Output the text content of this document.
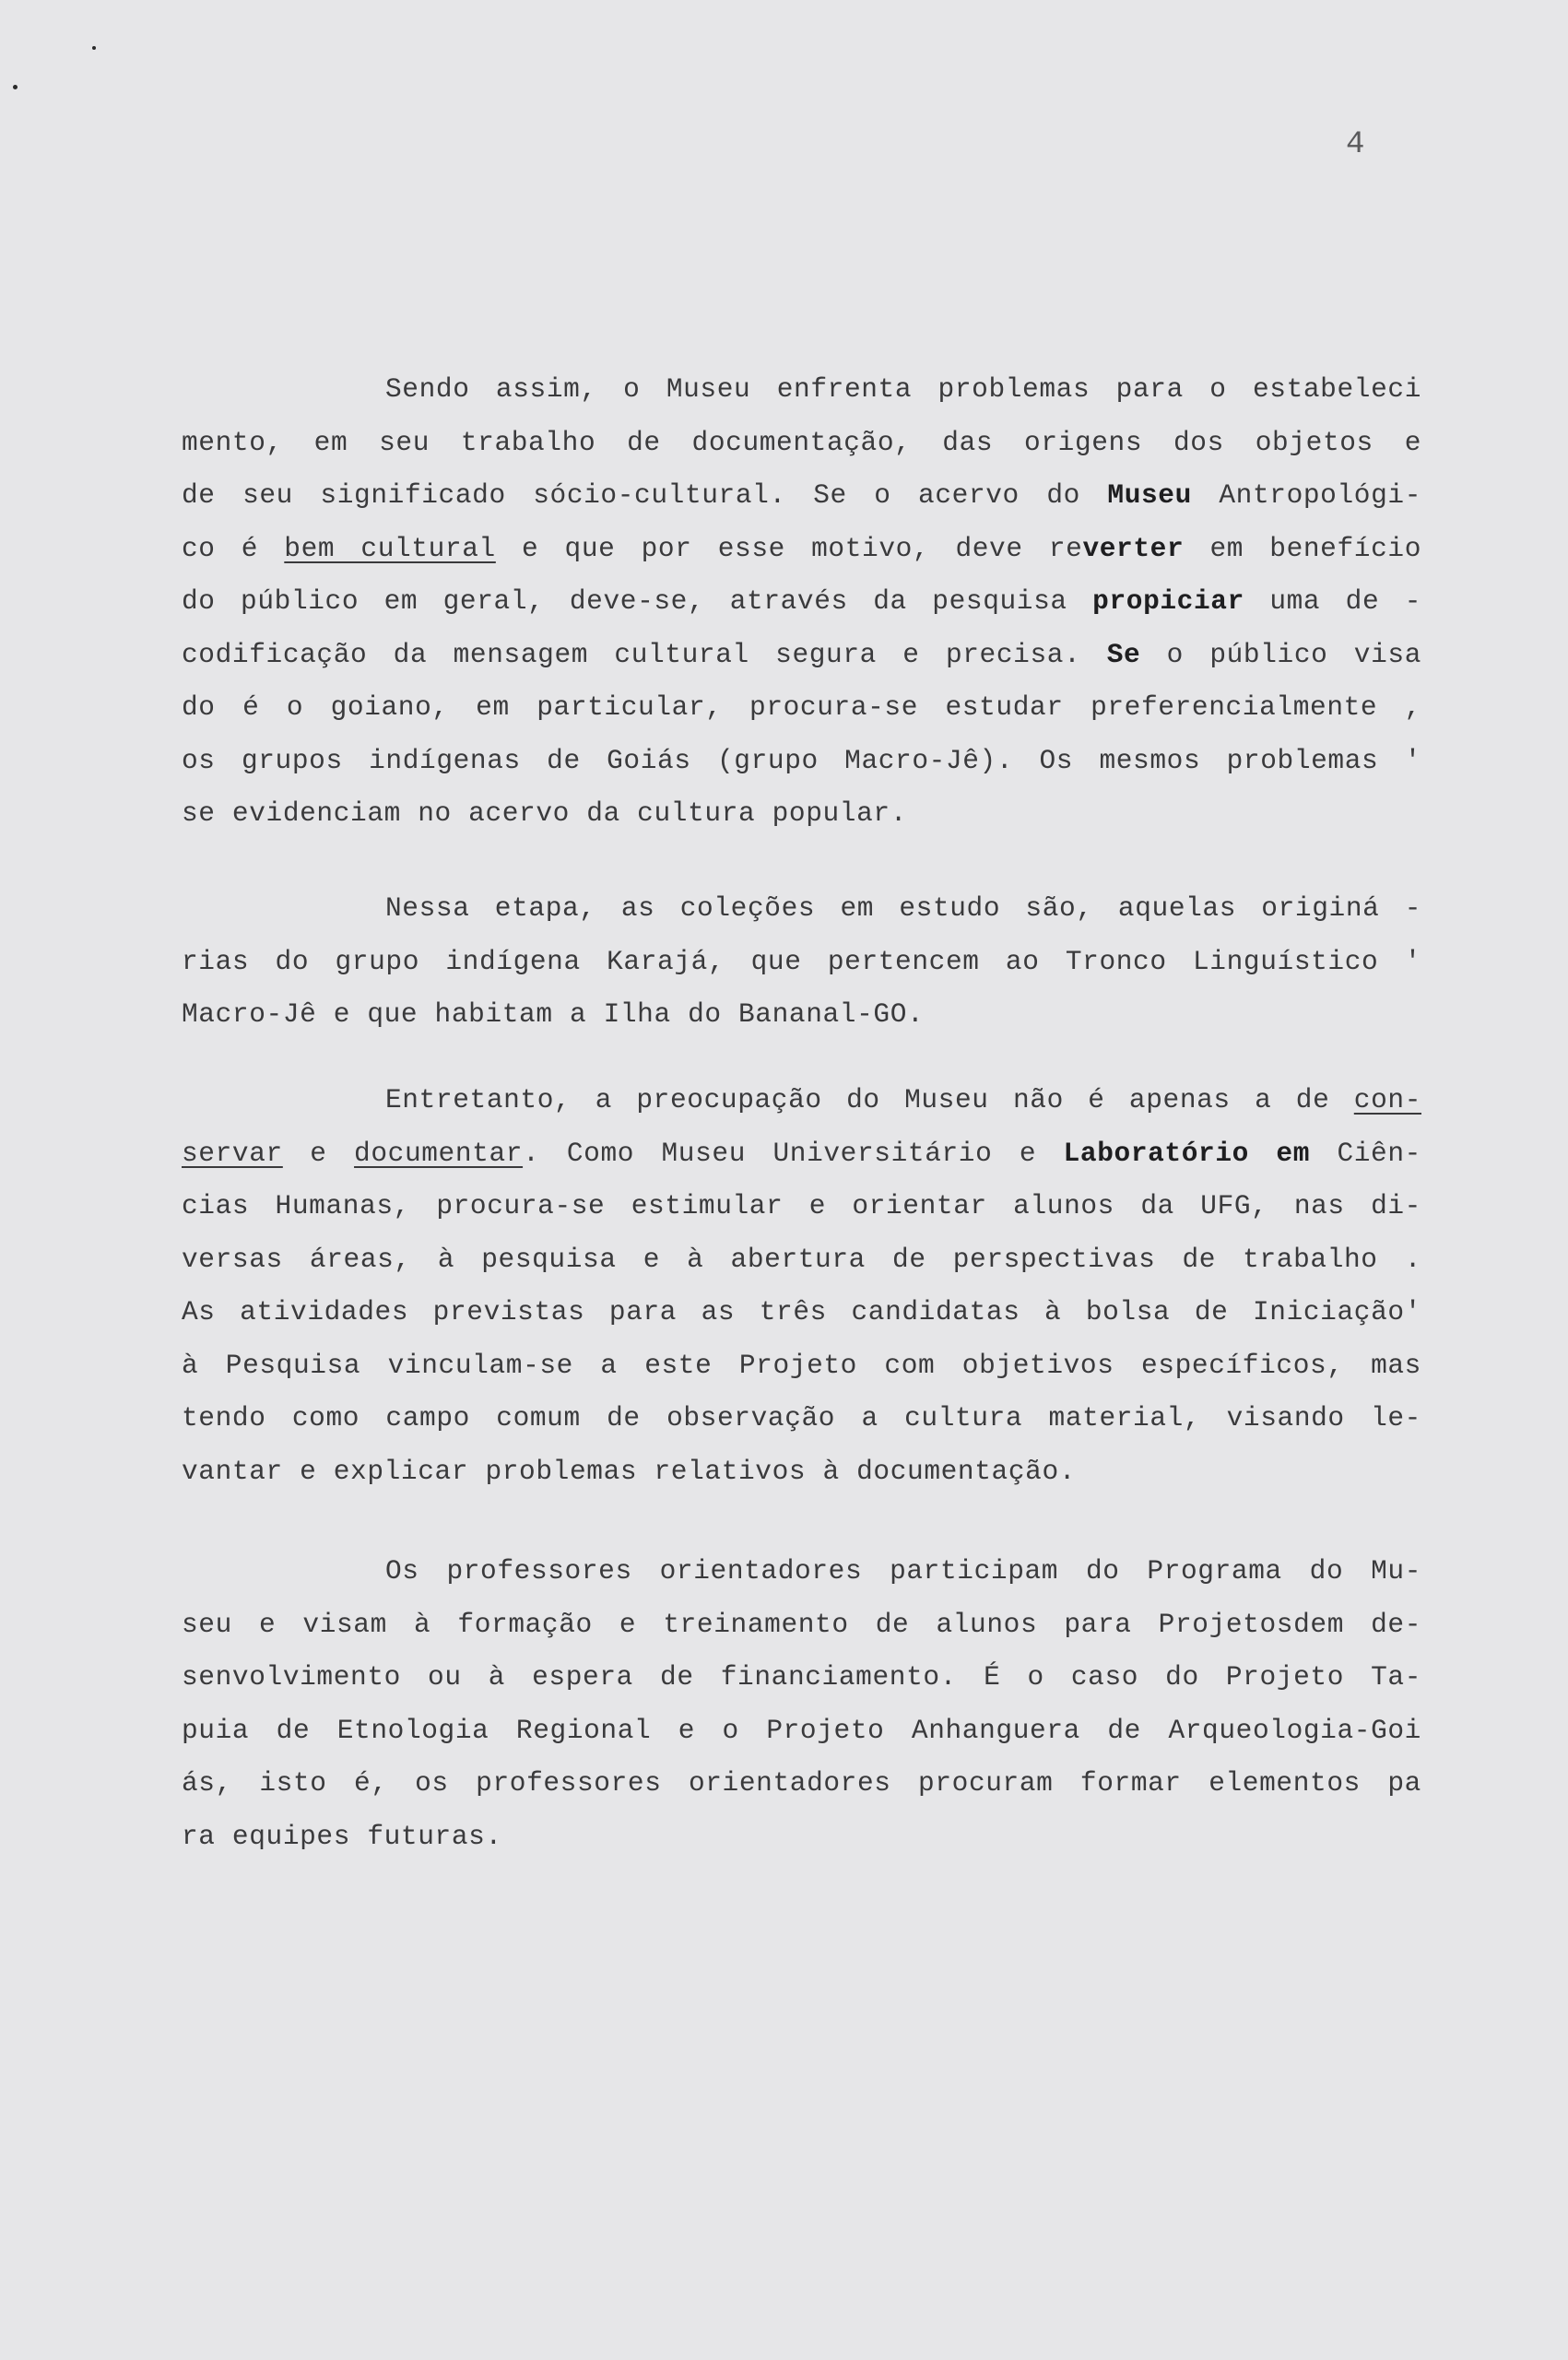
4
Sendo assim, o Museu enfrenta problemas para o estabeleci
mento, em seu trabalho de documentação, das origens dos objetos e
de seu significado sócio-cultural. Se o acervo do Museu Antropológi-
co é bem cultural e que por esse motivo, deve reverter em benefício
do público em geral, deve-se, através da pesquisa propiciar uma de -
codificação da mensagem cultural segura e precisa. Se o público visa
do é o goiano, em particular, procura-se estudar preferencialmente ,
os grupos indígenas de Goiás (grupo Macro-Jê). Os mesmos problemas '
se evidenciam no acervo da cultura popular.
Nessa etapa, as coleções em estudo são, aquelas originá -
rias do grupo indígena Karajá, que pertencem ao Tronco Linguístico '
Macro-Jê e que habitam a Ilha do Bananal-GO.
Entretanto, a preocupação do Museu não é apenas a de con-
servar e documentar. Como Museu Universitário e Laboratório em Ciên-
cias Humanas, procura-se estimular e orientar alunos da UFG, nas di-
versas áreas, à pesquisa e à abertura de perspectivas de trabalho .
As atividades previstas para as três candidatas à bolsa de Iniciação'
à Pesquisa vinculam-se a este Projeto com objetivos específicos, mas
tendo como campo comum de observação a cultura material, visando le-
vantar e explicar problemas relativos à documentação.
Os professores orientadores participam do Programa do Mu-
seu e visam à formação e treinamento de alunos para Projetosdem de-
senvolvimento ou à espera de financiamento. É o caso do Projeto Ta-
puia de Etnologia Regional e o Projeto Anhanguera de Arqueologia-Goi
ás, isto é, os professores orientadores procuram formar elementos pa
ra equipes futuras.
